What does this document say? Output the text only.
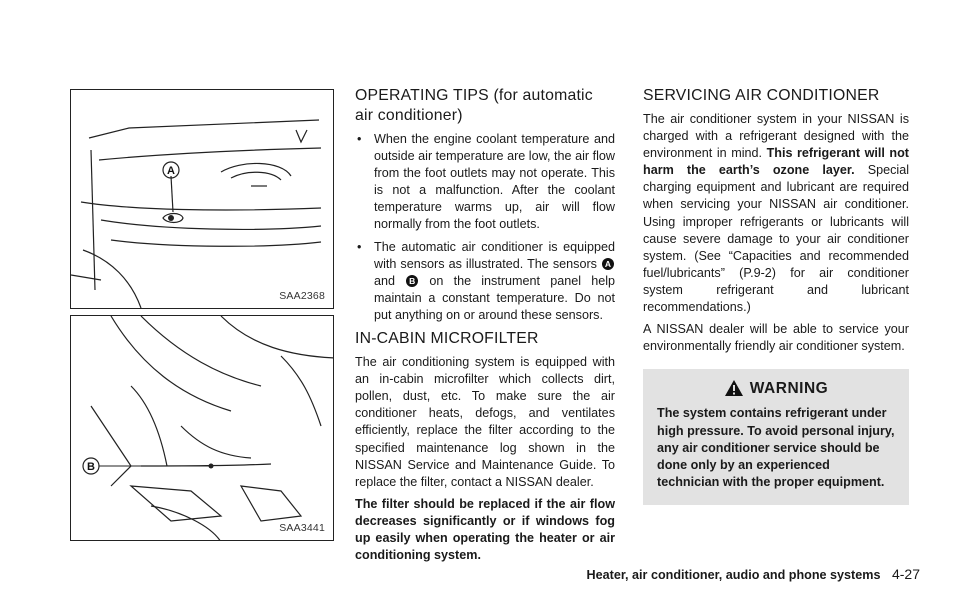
A
SAA2368
B
SAA3441
OPERATING TIPS (for automatic air conditioner)
• When the engine coolant temperature and outside air temperature are low, the air flow from the foot outlets may not operate. This is not a malfunction. After the coolant temperature warms up, air will flow normally from the foot outlets.
• The automatic air conditioner is equipped with sensors as illustrated. The sensors A and B on the instrument panel help maintain a constant temperature. Do not put anything on or around these sensors.
IN-CABIN MICROFILTER

The air conditioning system is equipped with an in-cabin microfilter which collects dirt, pollen, dust, etc. To make sure the air conditioner heats, defogs, and ventilates efficiently, replace the filter according to the specified maintenance log shown in the NISSAN Service and Maintenance Guide. To replace the filter, contact a NISSAN dealer.

The filter should be replaced if the air flow decreases significantly or if windows fog up easily when operating the heater or air conditioning system.

SERVICING AIR CONDITIONER

The air conditioner system in your NISSAN is charged with a refrigerant designed with the environment in mind. This refrigerant will not harm the earth’s ozone layer. Special charging equipment and lubricant are required when servicing your NISSAN air conditioner. Using improper refrigerants or lubricants will cause severe damage to your air conditioner system. (See “Capacities and recommended fuel/lubricants” (P.9-2) for air conditioner system refrigerant and lubricant recommendations.)

A NISSAN dealer will be able to service your environmentally friendly air conditioner system.

WARNING
The system contains refrigerant under high pressure. To avoid personal injury, any air conditioner service should be done only by an experienced technician with the proper equipment.
Heater, air conditioner, audio and phone systems 4-27
